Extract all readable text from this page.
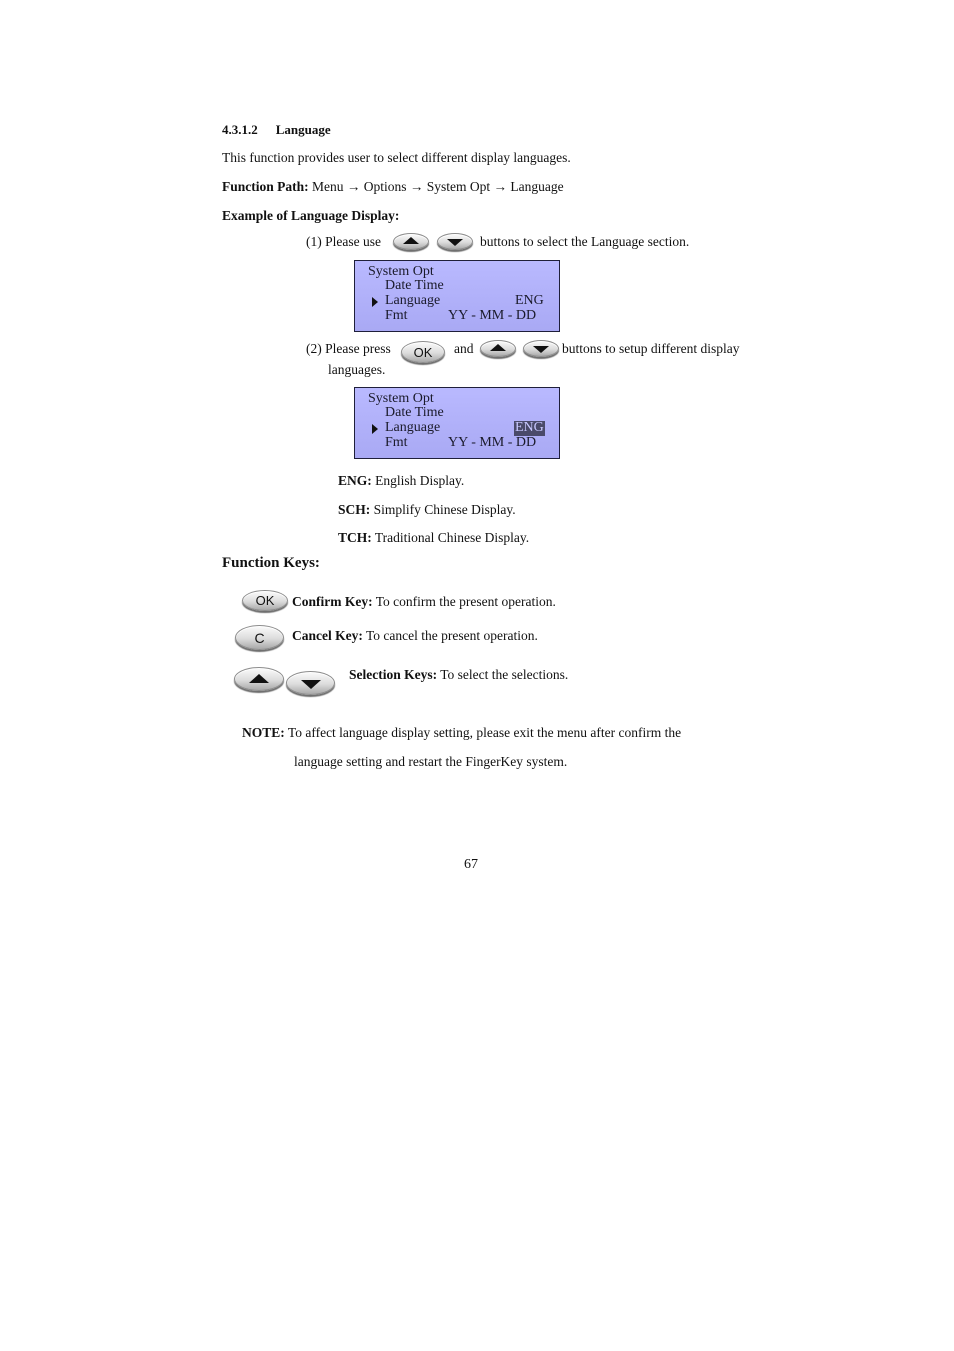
4.3.1.2 Language
This function provides user to select different display languages.
Function Path: Menu → Options → System Opt → Language
Example of Language Display:
(1) Please use	buttons to select the Language section.
System Opt
Date Time
Language	ENG
Fmt	YY - MM - DD
(2) Please press OK and	buttons to setup different display
languages.
System Opt
Date Time
Language	ENG
Fmt	YY - MM - DD
ENG: English Display.
SCH: Simplify Chinese Display.
TCH: Traditional Chinese Display.
Function Keys:
OK Confirm Key: To confirm the present operation.
C Cancel Key: To cancel the present operation.
Selection Keys: To select the selections.
NOTE: To affect language display setting, please exit the menu after confirm the
language setting and restart the FingerKey system.
67
